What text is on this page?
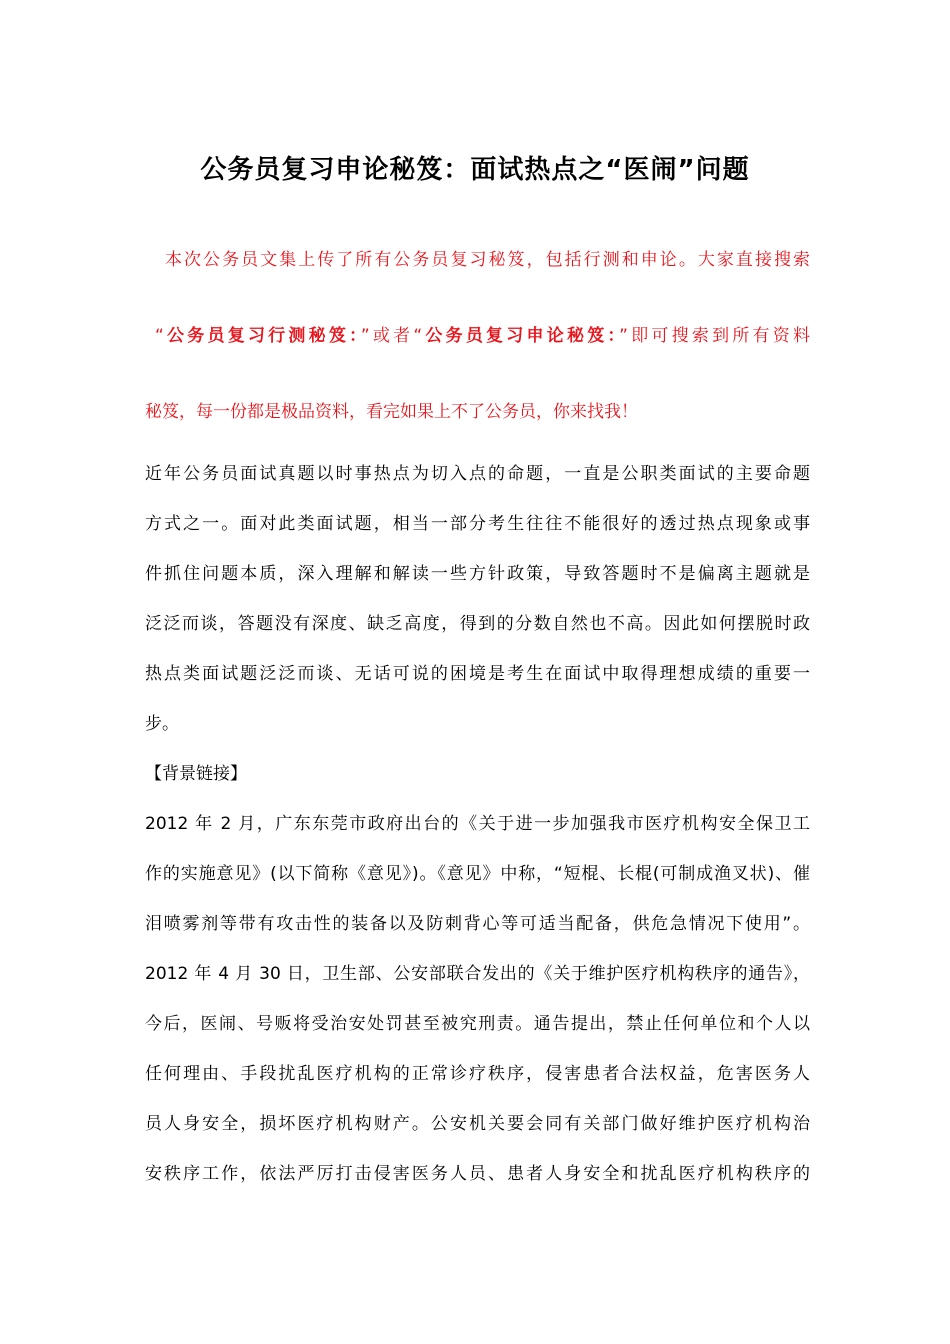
公务员复习申论秘笈：面试热点之“医闹”问题
本次公务员文集上传了所有公务员复习秘笈，包括行测和申论。大家直接搜索
“公务员复习行测秘笈：”或者“公务员复习申论秘笈：”即可搜索到所有资料
秘笈，每一份都是极品资料，看完如果上不了公务员，你来找我！
近年公务员面试真题以时事热点为切入点的命题，一直是公职类面试的主要命题
方式之一。面对此类面试题，相当一部分考生往往不能很好的透过热点现象或事
件抓住问题本质，深入理解和解读一些方针政策，导致答题时不是偏离主题就是
泛泛而谈，答题没有深度、缺乏高度，得到的分数自然也不高。因此如何摆脱时政
热点类面试题泛泛而谈、无话可说的困境是考生在面试中取得理想成绩的重要一
步。
【背景链接】
2012 年 2 月，广东东莞市政府出台的《关于进一步加强我市医疗机构安全保卫工
作的实施意见》(以下简称《意见》)。《意见》中称，“短棍、长棍(可制成渔叉状)、催
泪喷雾剂等带有攻击性的装备以及防刺背心等可适当配备，供危急情况下使用”。
2012 年 4 月 30 日，卫生部、公安部联合发出的《关于维护医疗机构秩序的通告》，
今后，医闹、号贩将受治安处罚甚至被究刑责。通告提出，禁止任何单位和个人以
任何理由、手段扰乱医疗机构的正常诊疗秩序，侵害患者合法权益，危害医务人
员人身安全，损坏医疗机构财产。公安机关要会同有关部门做好维护医疗机构治
安秩序工作，依法严厉打击侵害医务人员、患者人身安全和扰乱医疗机构秩序的
